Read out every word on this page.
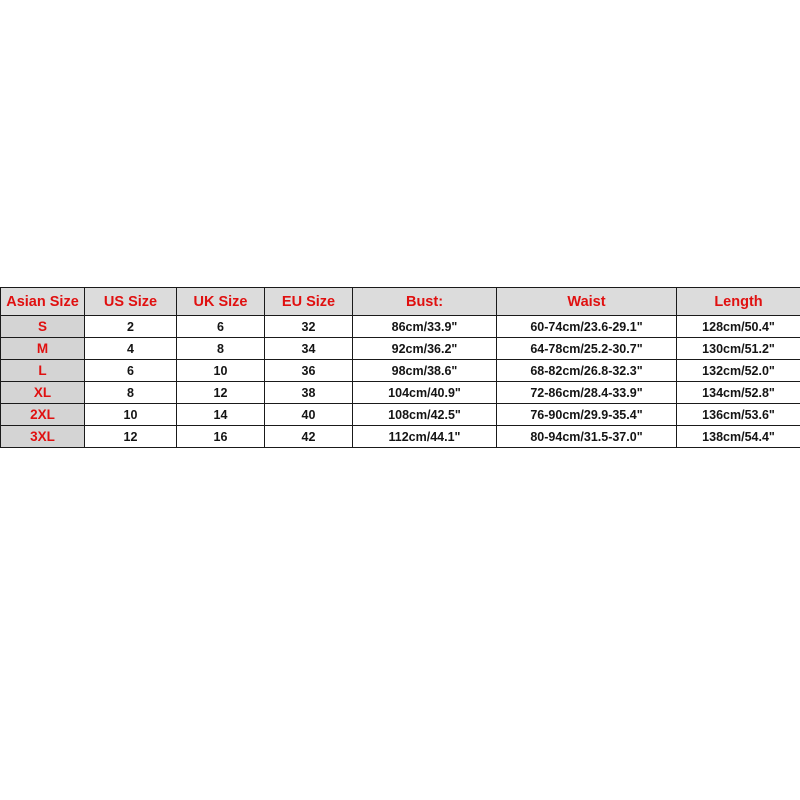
Asian Size	US Size	UK Size	EU Size	Bust:	Waist	Length
S	2	6	32	86cm/33.9"	60-74cm/23.6-29.1"	128cm/50.4"
M	4	8	34	92cm/36.2"	64-78cm/25.2-30.7"	130cm/51.2"
L	6	10	36	98cm/38.6"	68-82cm/26.8-32.3"	132cm/52.0"
XL	8	12	38	104cm/40.9"	72-86cm/28.4-33.9"	134cm/52.8"
2XL	10	14	40	108cm/42.5"	76-90cm/29.9-35.4"	136cm/53.6"
3XL	12	16	42	112cm/44.1"	80-94cm/31.5-37.0"	138cm/54.4"
